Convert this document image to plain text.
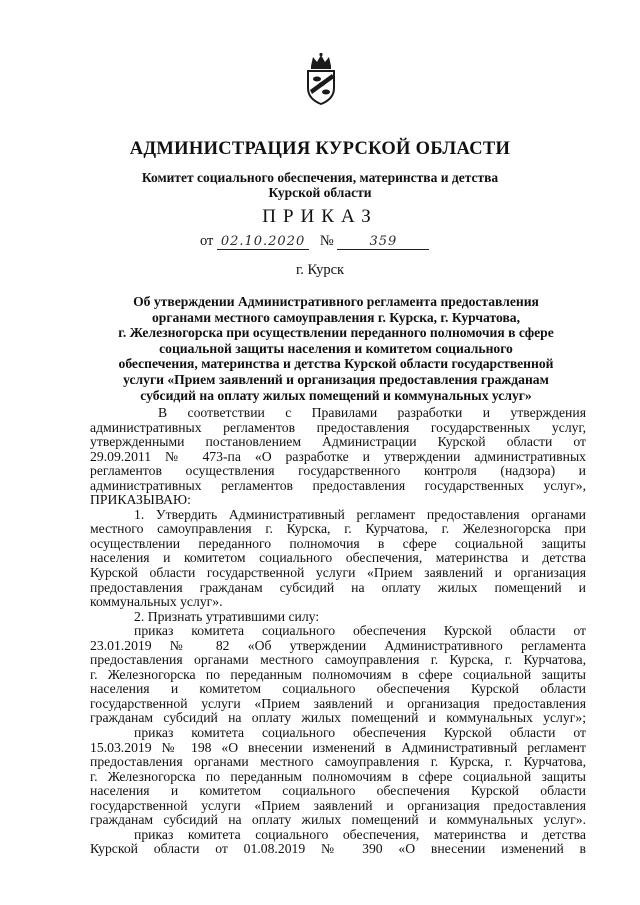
АДМИНИСТРАЦИЯ КУРСКОЙ ОБЛАСТИ
Комитет социального обеспечения, материнства и детства
Курской области
ПРИКАЗ
от 02.10.2020 №	359
г. Курск
Об утверждении Административного регламента предоставления
органами местного самоуправления г. Курска, г. Курчатова,
г. Железногорска при осуществлении переданного полномочия в сфере
социальной защиты населения и комитетом социального
обеспечения, материнства и детства Курской области государственной
услуги «Прием заявлений и организация предоставления гражданам
субсидий на оплату жилых помещений и коммунальных услуг»
В соответствии с Правилами разработки и утверждения
административных регламентов предоставления государственных услуг,
утвержденными постановлением Администрации Курской области от
29.09.2011 № 473-па «О разработке и утверждении административных
регламентов осуществления государственного контроля (надзора) и
административных регламентов предоставления государственных услуг»,
ПРИКАЗЫВАЮ:
1. Утвердить Административный регламент предоставления органами
местного самоуправления г. Курска, г. Курчатова, г. Железногорска при
осуществлении переданного полномочия в сфере социальной защиты
населения и комитетом социального обеспечения, материнства и детства
Курской области государственной услуги «Прием заявлений и организация
предоставления гражданам субсидий на оплату жилых помещений и
коммунальных услуг».
2. Признать утратившими силу:
приказ комитета социального обеспечения Курской области от
23.01.2019 № 82 «Об утверждении Административного регламента
предоставления органами местного самоуправления г. Курска, г. Курчатова,
г. Железногорска по переданным полномочиям в сфере социальной защиты
населения и комитетом социального обеспечения Курской области
государственной услуги «Прием заявлений и организация предоставления
гражданам субсидий на оплату жилых помещений и коммунальных услуг»;
приказ комитета социального обеспечения Курской области от
15.03.2019 № 198 «О внесении изменений в Административный регламент
предоставления органами местного самоуправления г. Курска, г. Курчатова,
г. Железногорска по переданным полномочиям в сфере социальной защиты
населения и комитетом социального обеспечения Курской области
государственной услуги «Прием заявлений и организация предоставления
гражданам субсидий на оплату жилых помещений и коммунальных услуг».
приказ комитета социального обеспечения, материнства и детства
Курской области от 01.08.2019 № 390 «О внесении изменений в
